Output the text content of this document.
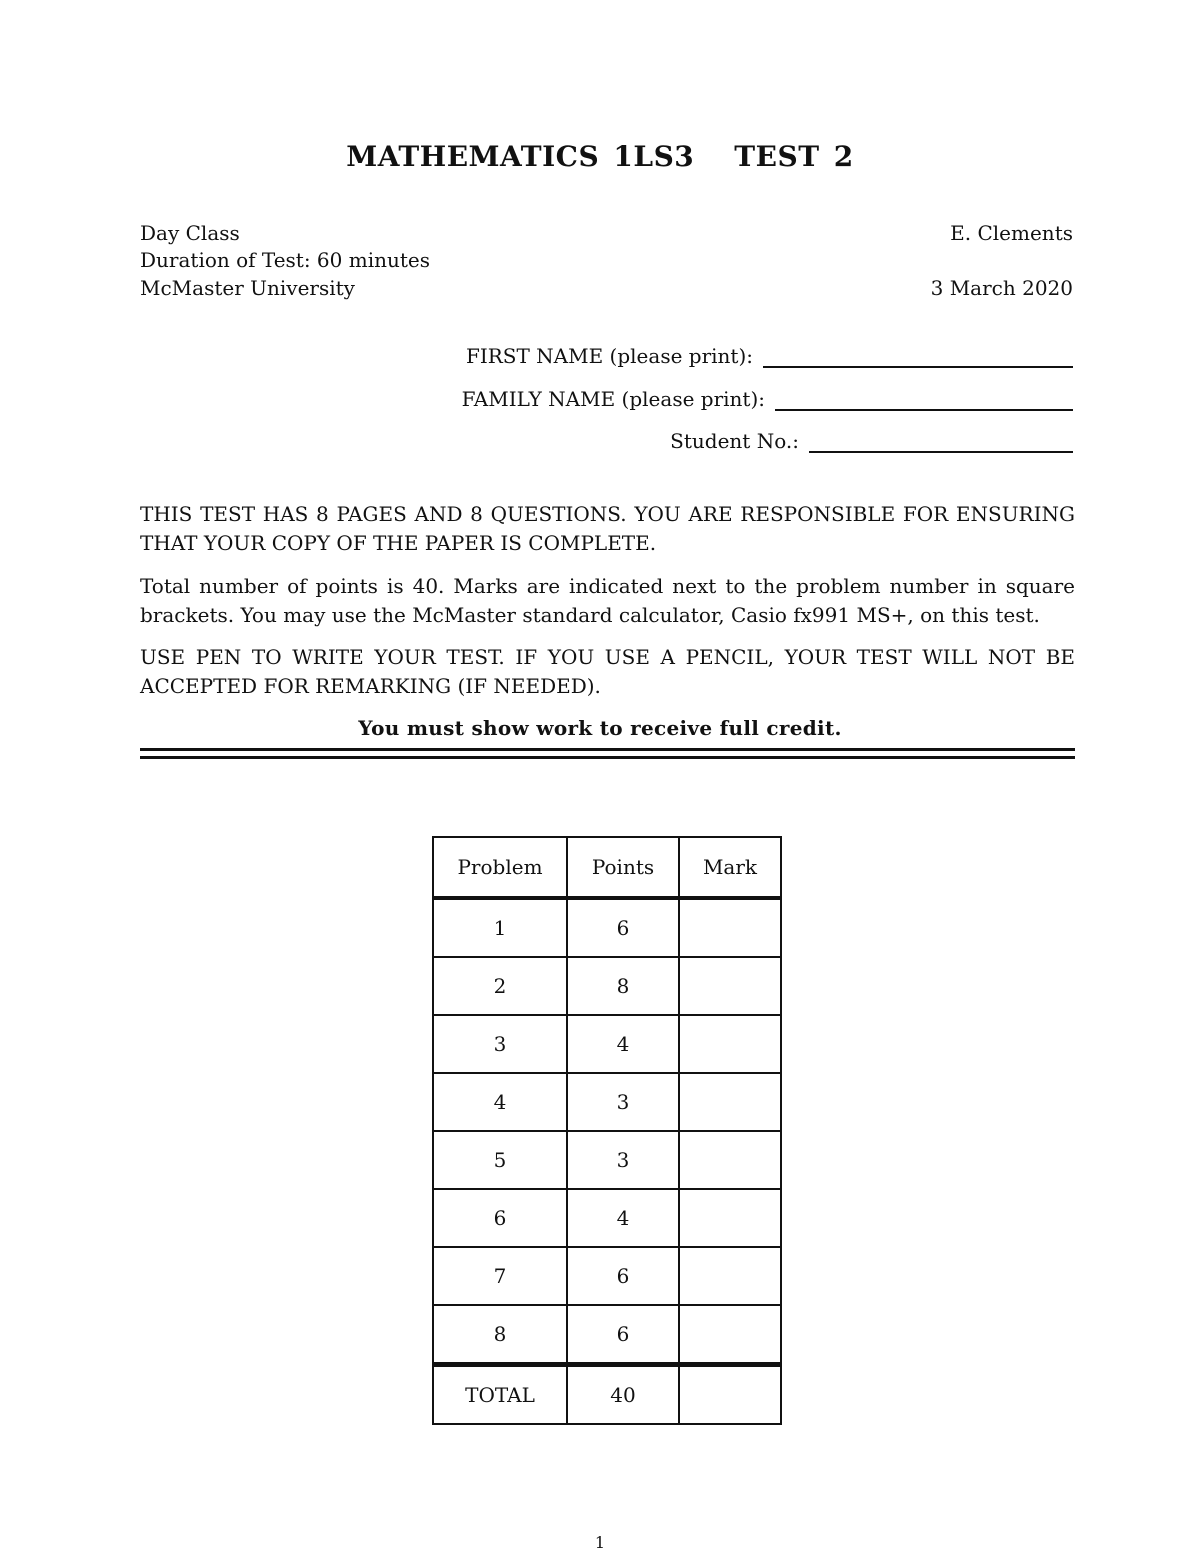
MATHEMATICS 1LS3 TEST 2
Day Class
Duration of Test: 60 minutes
McMaster University
E. Clements
3 March 2020
FIRST NAME (please print):
FAMILY NAME (please print):
Student No.:
THIS TEST HAS 8 PAGES AND 8 QUESTIONS. YOU ARE RESPONSIBLE FOR ENSURING THAT YOUR COPY OF THE PAPER IS COMPLETE.
Total number of points is 40. Marks are indicated next to the problem number in square brackets. You may use the McMaster standard calculator, Casio fx991 MS+, on this test.
USE PEN TO WRITE YOUR TEST. IF YOU USE A PENCIL, YOUR TEST WILL NOT BE ACCEPTED FOR REMARKING (IF NEEDED).
You must show work to receive full credit.
Problem	Points	Mark
1	6	
2	8	
3	4	
4	3	
5	3	
6	4	
7	6	
8	6	
TOTAL	40	
1
